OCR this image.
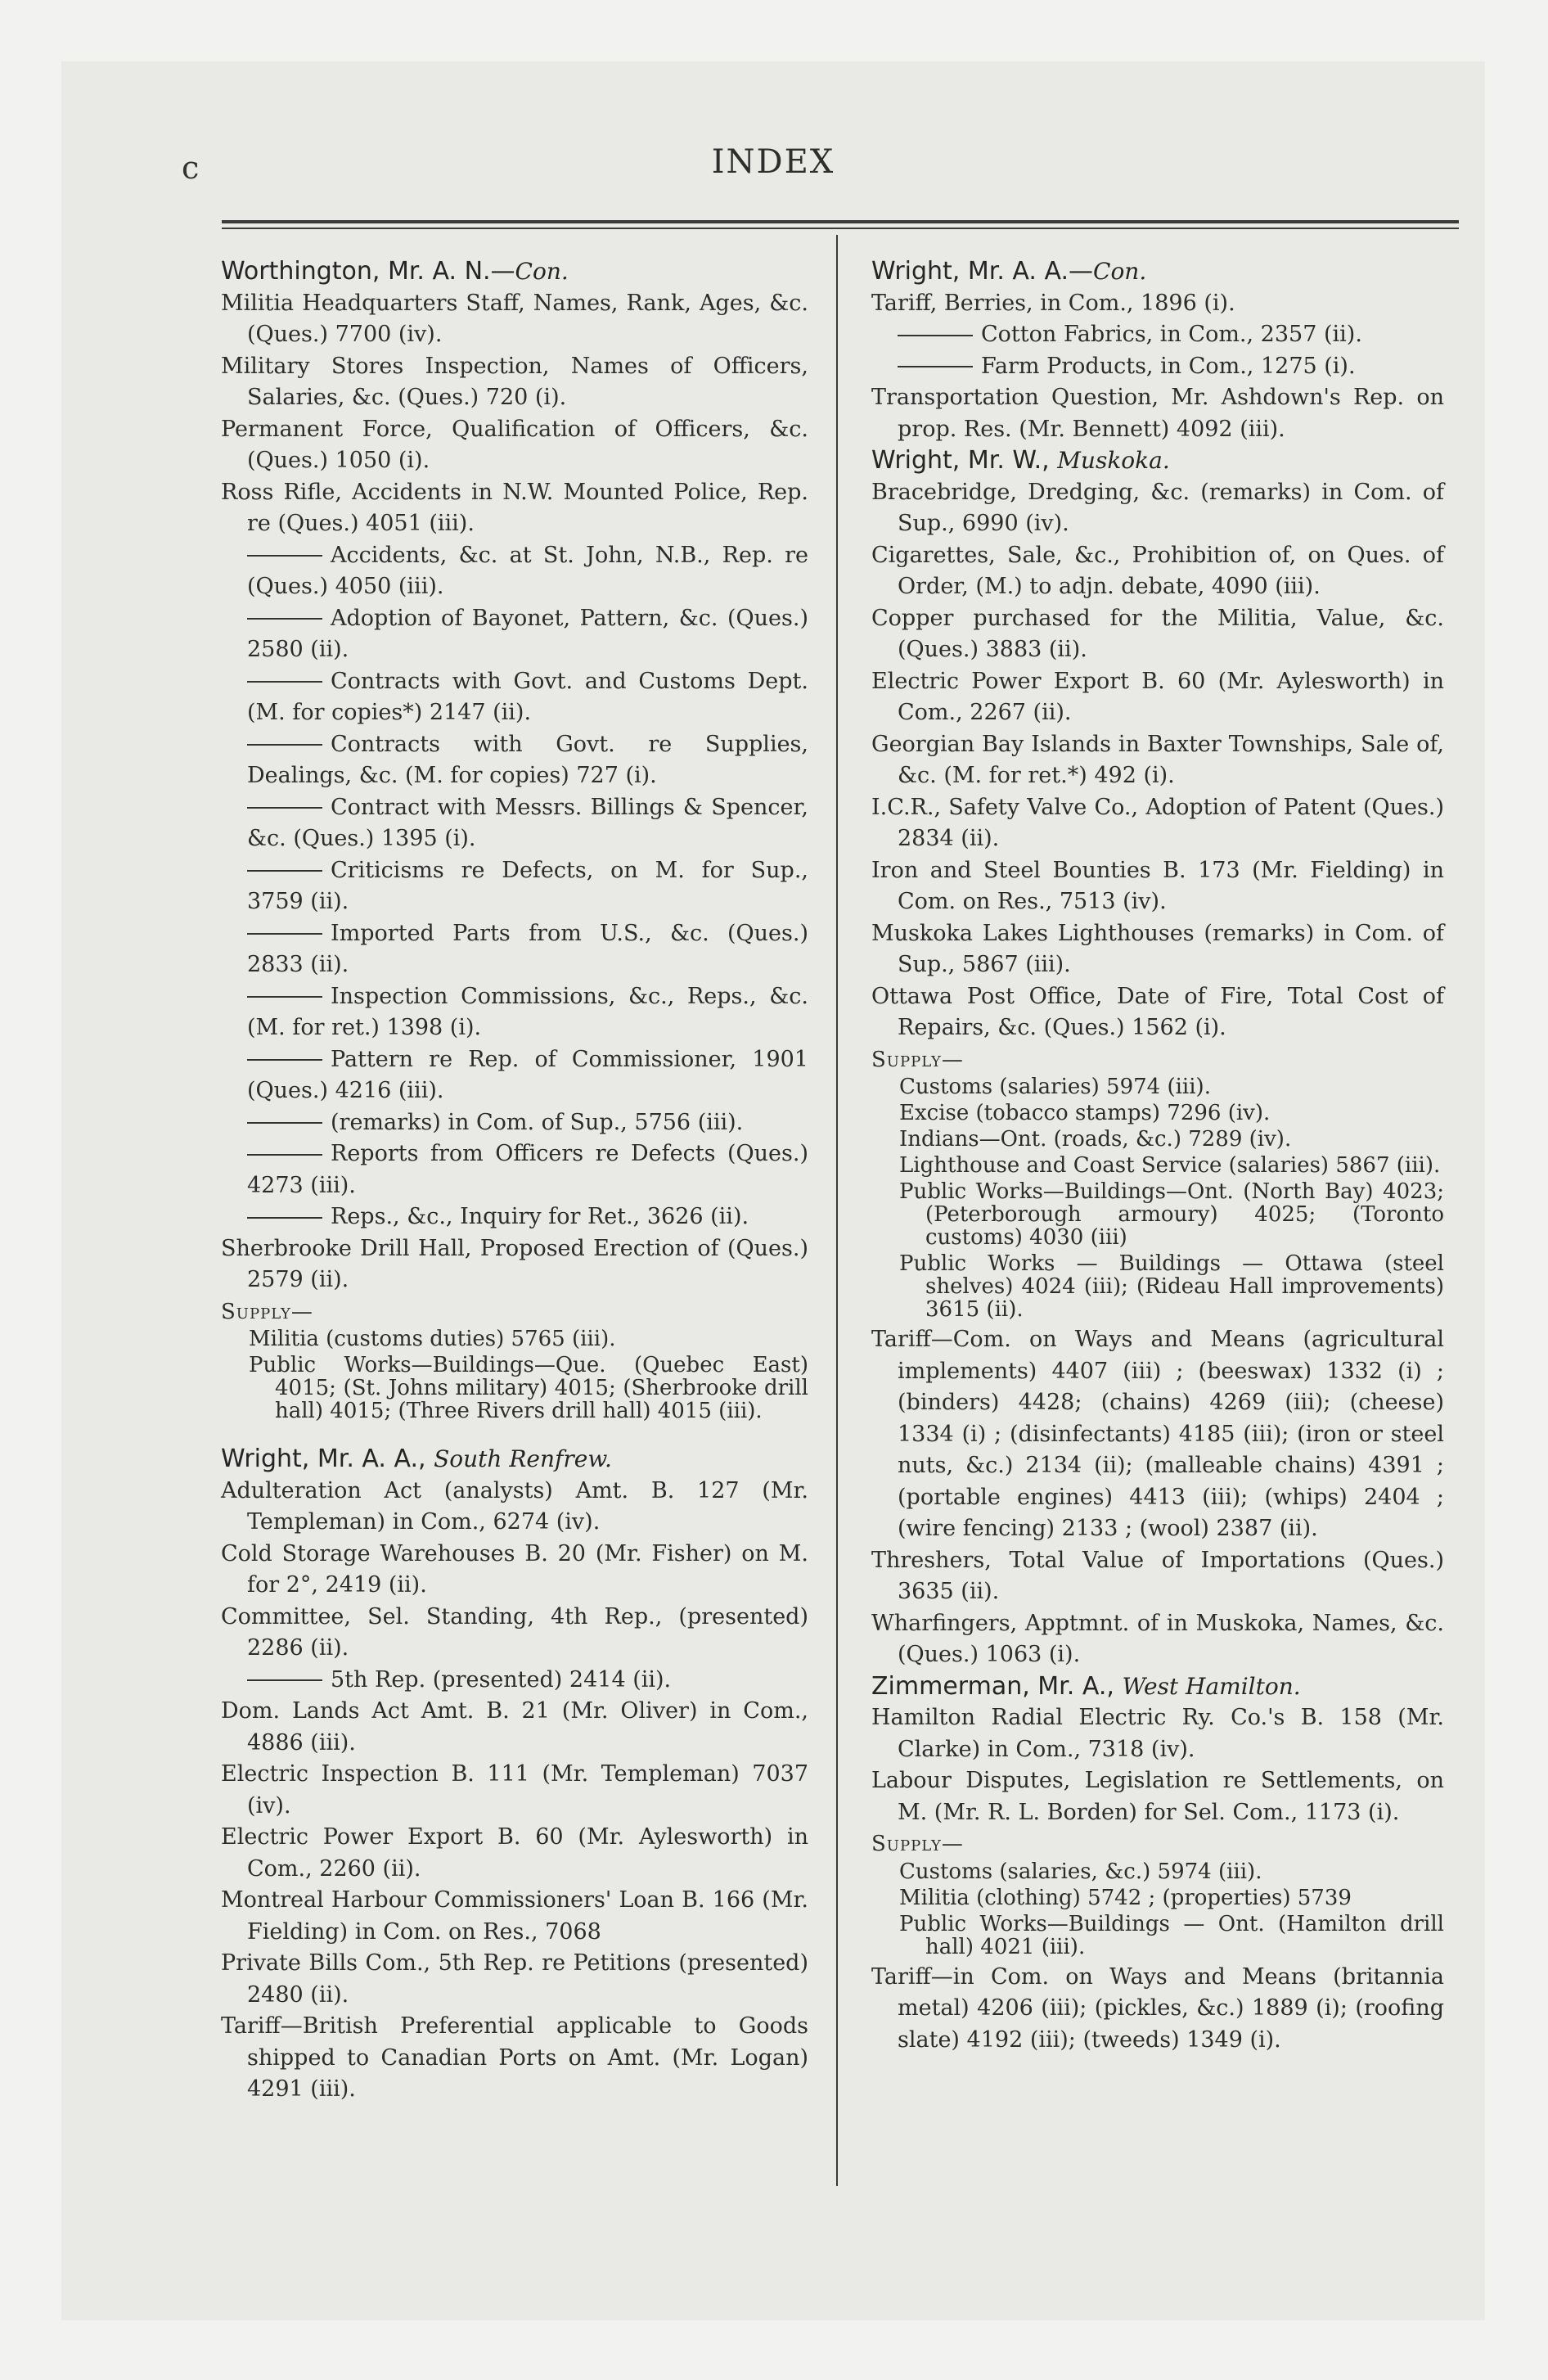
c	INDEX
Worthington, Mr. A. N.—Con.
Militia Headquarters Staff, Names, Rank, Ages, &c. (Ques.) 7700 (iv).
Military Stores Inspection, Names of Officers, Salaries, &c. (Ques.) 720 (i).
Permanent Force, Qualification of Officers, &c. (Ques.) 1050 (i).
Ross Rifle, Accidents in N.W. Mounted Police, Rep. re (Ques.) 4051 (iii).
Accidents, &c. at St. John, N.B., Rep. re (Ques.) 4050 (iii).
Adoption of Bayonet, Pattern, &c. (Ques.) 2580 (ii).
Contracts with Govt. and Customs Dept. (M. for copies*) 2147 (ii).
Contracts with Govt. re Supplies, Dealings, &c. (M. for copies) 727 (i).
Contract with Messrs. Billings & Spencer, &c. (Ques.) 1395 (i).
Criticisms re Defects, on M. for Sup., 3759 (ii).
Imported Parts from U.S., &c. (Ques.) 2833 (ii).
Inspection Commissions, &c., Reps., &c. (M. for ret.) 1398 (i).
Pattern re Rep. of Commissioner, 1901 (Ques.) 4216 (iii).
(remarks) in Com. of Sup., 5756 (iii).
Reports from Officers re Defects (Ques.) 4273 (iii).
Reps., &c., Inquiry for Ret., 3626 (ii).
Sherbrooke Drill Hall, Proposed Erection of (Ques.) 2579 (ii).
Supply—
Militia (customs duties) 5765 (iii).
Public Works—Buildings—Que. (Quebec East) 4015; (St. Johns military) 4015; (Sherbrooke drill hall) 4015; (Three Rivers drill hall) 4015 (iii).
Wright, Mr. A. A., South Renfrew.
Adulteration Act (analysts) Amt. B. 127 (Mr. Templeman) in Com., 6274 (iv).
Cold Storage Warehouses B. 20 (Mr. Fisher) on M. for 2°, 2419 (ii).
Committee, Sel. Standing, 4th Rep., (presented) 2286 (ii).
5th Rep. (presented) 2414 (ii).
Dom. Lands Act Amt. B. 21 (Mr. Oliver) in Com., 4886 (iii).
Electric Inspection B. 111 (Mr. Templeman) 7037 (iv).
Electric Power Export B. 60 (Mr. Aylesworth) in Com., 2260 (ii).
Montreal Harbour Commissioners' Loan B. 166 (Mr. Fielding) in Com. on Res., 7068
Private Bills Com., 5th Rep. re Petitions (presented) 2480 (ii).
Tariff—British Preferential applicable to Goods shipped to Canadian Ports on Amt. (Mr. Logan) 4291 (iii).
Wright, Mr. A. A.—Con.
Tariff, Berries, in Com., 1896 (i).
Cotton Fabrics, in Com., 2357 (ii).
Farm Products, in Com., 1275 (i).
Transportation Question, Mr. Ashdown's Rep. on prop. Res. (Mr. Bennett) 4092 (iii).
Wright, Mr. W., Muskoka.
Bracebridge, Dredging, &c. (remarks) in Com. of Sup., 6990 (iv).
Cigarettes, Sale, &c., Prohibition of, on Ques. of Order, (M.) to adjn. debate, 4090 (iii).
Copper purchased for the Militia, Value, &c. (Ques.) 3883 (ii).
Electric Power Export B. 60 (Mr. Aylesworth) in Com., 2267 (ii).
Georgian Bay Islands in Baxter Townships, Sale of, &c. (M. for ret.*) 492 (i).
I.C.R., Safety Valve Co., Adoption of Patent (Ques.) 2834 (ii).
Iron and Steel Bounties B. 173 (Mr. Fielding) in Com. on Res., 7513 (iv).
Muskoka Lakes Lighthouses (remarks) in Com. of Sup., 5867 (iii).
Ottawa Post Office, Date of Fire, Total Cost of Repairs, &c. (Ques.) 1562 (i).
Supply—
Customs (salaries) 5974 (iii).
Excise (tobacco stamps) 7296 (iv).
Indians—Ont. (roads, &c.) 7289 (iv).
Lighthouse and Coast Service (salaries) 5867 (iii).
Public Works—Buildings—Ont. (North Bay) 4023; (Peterborough armoury) 4025; (Toronto customs) 4030 (iii)
Public Works — Buildings — Ottawa (steel shelves) 4024 (iii); (Rideau Hall improvements) 3615 (ii).
Tariff—Com. on Ways and Means (agricultural implements) 4407 (iii) ; (beeswax) 1332 (i) ; (binders) 4428; (chains) 4269 (iii); (cheese) 1334 (i) ; (disinfectants) 4185 (iii); (iron or steel nuts, &c.) 2134 (ii); (malleable chains) 4391 ; (portable engines) 4413 (iii); (whips) 2404 ; (wire fencing) 2133 ; (wool) 2387 (ii).
Threshers, Total Value of Importations (Ques.) 3635 (ii).
Wharfingers, Apptmnt. of in Muskoka, Names, &c. (Ques.) 1063 (i).
Zimmerman, Mr. A., West Hamilton.
Hamilton Radial Electric Ry. Co.'s B. 158 (Mr. Clarke) in Com., 7318 (iv).
Labour Disputes, Legislation re Settlements, on M. (Mr. R. L. Borden) for Sel. Com., 1173 (i).
Supply—
Customs (salaries, &c.) 5974 (iii).
Militia (clothing) 5742 ; (properties) 5739
Public Works—Buildings — Ont. (Hamilton drill hall) 4021 (iii).
Tariff—in Com. on Ways and Means (britannia metal) 4206 (iii); (pickles, &c.) 1889 (i); (roofing slate) 4192 (iii); (tweeds) 1349 (i).
